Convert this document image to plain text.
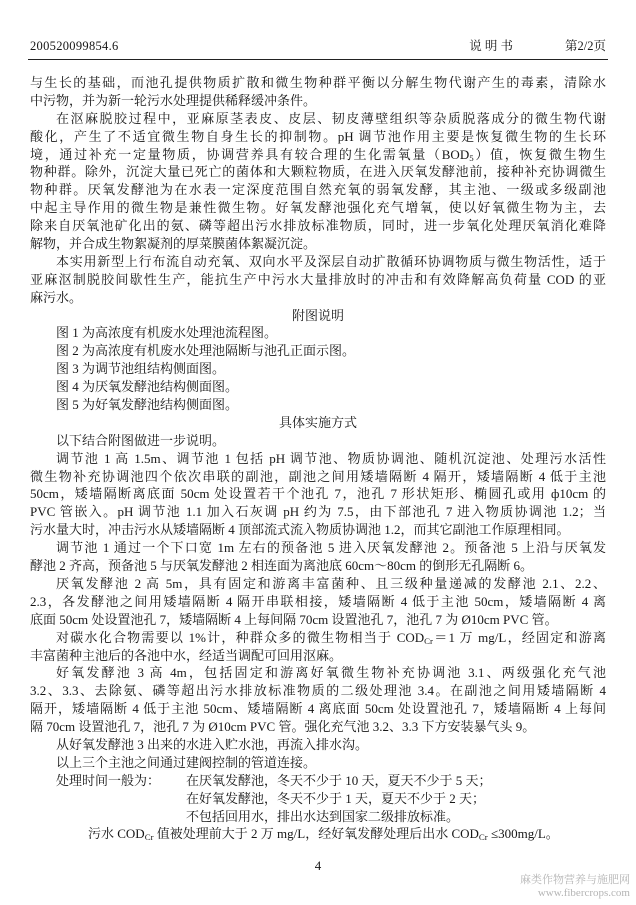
200520099854.6	说 明 书	第2/2页
与生长的基础，而池孔提供物质扩散和微生物种群平衡以分解生物代谢产生的毒素，清除水
中污物，并为新一轮污水处理提供稀释缓冲条件。
在沤麻脱胶过程中，亚麻原茎表皮、皮层、韧皮薄壁组织等杂质脱落成分的微生物代谢
酸化，产生了不适宜微生物自身生长的抑制物。pH 调节池作用主要是恢复微生物的生长环
境，通过补充一定量物质，协调营养具有较合理的生化需氧量$(BOD_5)$值，恢复微生物生
物种群。除外，沉淀大量已死亡的菌体和大颗粒物质，在进入厌氧发酵池前，接种补充协调微生
物种群。厌氧发酵池为在水表一定深度范围自然充氧的弱氧发酵，其主池、一级或多级副池
中起主导作用的微生物是兼性微生物。好氧发酵池强化充气增氧，使以好氧微生物为主，去
除来自厌氧池矿化出的氨、磷等超出污水排放标准物质，同时，进一步氧化处理厌氧消化难降
解物，并合成生物絮凝剂的厚菜膜菌体絮凝沉淀。
本实用新型上行布流自动充氧、双向水平及深层自动扩散循环协调物质与微生物活性，适于
亚麻沤制脱胶间歇性生产，能抗生产中污水大量排放时的冲击和有效降解高负荷量 COD 的亚
麻污水。
附图说明
图 1 为高浓度有机废水处理池流程图。
图 2 为高浓度有机废水处理池隔断与池孔正面示图。
图 3 为调节池组结构侧面图。
图 4 为厌氧发酵池结构侧面图。
图 5 为好氧发酵池结构侧面图。
具体实施方式
以下结合附图做进一步说明。
调节池 1 高 1.5m、调节池 1 包括 pH 调节池、物质协调池、随机沉淀池、处理污水活性
微生物补充协调池四个依次串联的副池，副池之间用矮墙隔断 4 隔开，矮墙隔断 4 低于主池
50cm，矮墙隔断离底面 50cm 处设置若干个池孔 7，池孔 7 形状矩形、椭圆孔或用 ф10cm 的
PVC 管嵌入。pH 调节池 1.1 加入石灰调 pH 约为 7.5，由下部池孔 7 进入物质协调池 1.2；当
污水量大时，冲击污水从矮墙隔断 4 顶部流式流入物质协调池 1.2，而其它副池工作原理相同。
调节池 1 通过一个下口宽 1m 左右的预备池 5 进入厌氧发酵池 2。预备池 5 上沿与厌氧发
酵池 2 齐高，预备池 5 与厌氧发酵池 2 相连面为离池底 60cm～80cm 的倒形无孔隔断 6。
厌氧发酵池 2 高 5m，具有固定和游离丰富菌种、且三级种量递减的发酵池 2.1、2.2、
2.3，各发酵池之间用矮墙隔断 4 隔开串联相接，矮墙隔断 4 低于主池 50cm，矮墙隔断 4 离
底面 50cm 处设置池孔 7，矮墙隔断 4 上每间隔 70cm 设置池孔 7，池孔 7 为 Ø10cm PVC 管。
对碳水化合物需要以 1%计，种群众多的微生物相当于 $COD_{Cr}=1$ 万 mg/L，经固定和游离
丰富菌种主池后的各池中水，经适当调配可回用沤麻。
好氧发酵池 3 高 4m，包括固定和游离好氧微生物补充协调池 3.1、两级强化充气池
3.2、3.3、去除氨、磷等超出污水排放标准物质的二级处理池 3.4。在副池之间用矮墙隔断 4
隔开，矮墙隔断 4 低于主池 50cm、矮墙隔断 4 离底面 50cm 处设置池孔 7，矮墙隔断 4 上每间
隔 70cm 设置池孔 7，池孔 7 为 Ø10cm PVC 管。强化充气池 3.2、3.3 下方安装暴气头 9。
从好氧发酵池 3 出来的水进入贮水池，再流入排水沟。
以上三个主池之间通过建阀控制的管道连接。
处理时间一般为： 在厌氧发酵池，冬天不少于 10 天，夏天不少于 5 天；
在好氧发酵池，冬天不少于 1 天，夏天不少于 2 天；
不包括回用水，排出水达到国家二级排放标准。
污水 $COD_{Cr}$ 值被处理前大于 2 万 mg/L，经好氧发酵处理后出水 $COD_{Cr} \le 300mg/L$。
4
麻类作物营养与施肥网
www.fibercrops.com
